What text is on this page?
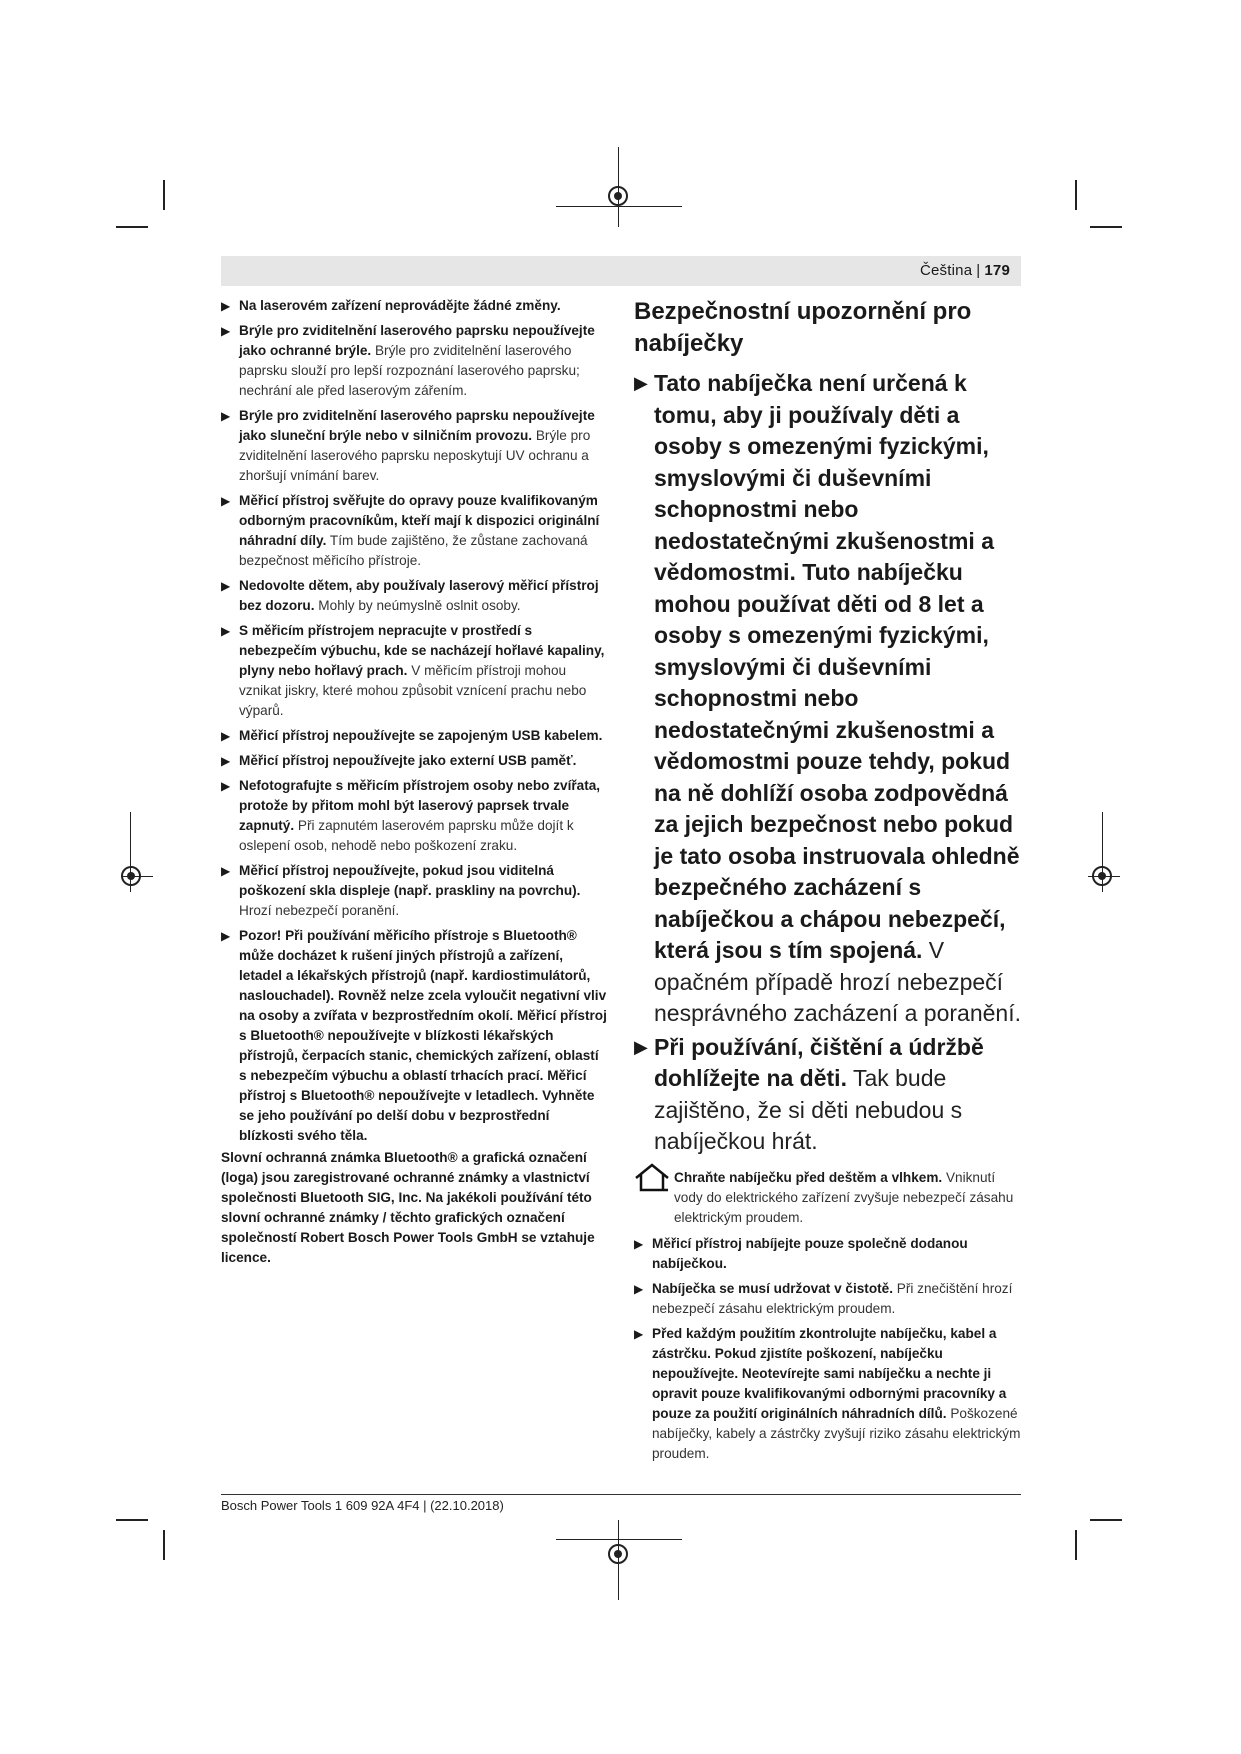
Čeština | 179
▶ Na laserovém zařízení neprovádějte žádné změny.
▶ Brýle pro zviditelnění laserového paprsku nepoužívejte jako ochranné brýle. Brýle pro zviditelnění laserového paprsku slouží pro lepší rozpoznání laserového paprsku; nechrání ale před laserovým zářením.
▶ Brýle pro zviditelnění laserového paprsku nepoužívejte jako sluneční brýle nebo v silničním provozu. Brýle pro zviditelnění laserového paprsku neposkytují UV ochranu a zhoršují vnímání barev.
▶ Měřicí přístroj svěřujte do opravy pouze kvalifikovaným odborným pracovníkům, kteří mají k dispozici originální náhradní díly. Tím bude zajištěno, že zůstane zachovaná bezpečnost měřicího přístroje.
▶ Nedovolte dětem, aby používaly laserový měřicí přístroj bez dozoru. Mohly by neúmyslně oslnit osoby.
▶ S měřicím přístrojem nepracujte v prostředí s nebezpečím výbuchu, kde se nacházejí hořlavé kapaliny, plyny nebo hořlavý prach. V měřicím přístroji mohou vznikat jiskry, které mohou způsobit vznícení prachu nebo výparů.
▶ Měřicí přístroj nepoužívejte se zapojeným USB kabelem.
▶ Měřicí přístroj nepoužívejte jako externí USB paměť.
▶ Nefotografujte s měřicím přístrojem osoby nebo zvířata, protože by přitom mohl být laserový paprsek trvale zapnutý. Při zapnutém laserovém paprsku může dojít k oslepení osob, nehodě nebo poškození zraku.
▶ Měřicí přístroj nepoužívejte, pokud jsou viditelná poškození skla displeje (např. praskliny na povrchu). Hrozí nebezpečí poranění.
▶ Pozor! Při používání měřicího přístroje s Bluetooth® může docházet k rušení jiných přístrojů a zařízení, letadel a lékařských přístrojů (např. kardiostimulátorů, naslouchadel). Rovněž nelze zcela vyloučit negativní vliv na osoby a zvířata v bezprostředním okolí. Měřicí přístroj s Bluetooth® nepoužívejte v blízkosti lékařských přístrojů, čerpacích stanic, chemických zařízení, oblastí s nebezpečím výbuchu a oblastí trhacích prací. Měřicí přístroj s Bluetooth® nepoužívejte v letadlech. Vyhněte se jeho používání po delší dobu v bezprostřední blízkosti svého těla.

Slovní ochranná známka Bluetooth® a grafická označení (loga) jsou zaregistrované ochranné známky a vlastnictví společnosti Bluetooth SIG, Inc. Na jakékoli používání této slovní ochranné známky / těchto grafických označení společností Robert Bosch Power Tools GmbH se vztahuje licence.

Bezpečnostní upozornění pro nabíječky
▶ Tato nabíječka není určená k tomu, aby ji používaly děti a osoby s omezenými fyzickými, smyslovými či duševními schopnostmi nebo nedostatečnými zkušenostmi a vědomostmi. Tuto nabíječku mohou používat děti od 8 let a osoby s omezenými fyzickými, smyslovými či duševními schopnostmi nebo nedostatečnými zkušenostmi a vědomostmi pouze tehdy, pokud na ně dohlíží osoba zodpovědná za jejich bezpečnost nebo pokud je tato osoba instruovala ohledně bezpečného zacházení s nabíječkou a chápou nebezpečí, která jsou s tím spojená. V opačném případě hrozí nebezpečí nesprávného zacházení a poranění.
▶ Při používání, čištění a údržbě dohlížejte na děti. Tak bude zajištěno, že si děti nebudou s nabíječkou hrát.
Chraňte nabíječku před deštěm a vlhkem. Vniknutí vody do elektrického zařízení zvyšuje nebezpečí zásahu elektrickým proudem.
▶ Měřicí přístroj nabíjejte pouze společně dodanou nabíječkou.
▶ Nabíječka se musí udržovat v čistotě. Při znečištění hrozí nebezpečí zásahu elektrickým proudem.
▶ Před každým použitím zkontrolujte nabíječku, kabel a zástrčku. Pokud zjistíte poškození, nabíječku nepoužívejte. Neotevírejte sami nabíječku a nechte ji opravit pouze kvalifikovanými odbornými pracovníky a pouze za použití originálních náhradních dílů. Poškozené nabíječky, kabely a zástrčky zvyšují riziko zásahu elektrickým proudem.
Bosch Power Tools 1 609 92A 4F4 | (22.10.2018)
